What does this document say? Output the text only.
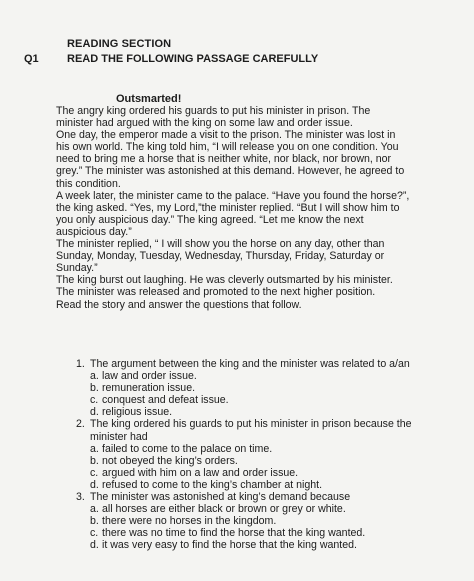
READING SECTION
Q1	READ THE FOLLOWING PASSAGE CAREFULLY
Outsmarted!
The angry king ordered his guards to put his minister in prison. The
minister had argued with the king on some law and order issue.
One day, the emperor made a visit to the prison. The minister was lost in
his own world. The king told him, “I will release you on one condition. You
need to bring me a horse that is neither white, nor black, nor brown, nor
grey.” The minister was astonished at this demand. However, he agreed to
this condition.
A week later, the minister came to the palace. “Have you found the horse?”,
the king asked. “Yes, my Lord,”the minister replied. “But I will show him to
you only auspicious day.” The king agreed. “Let me know the next
auspicious day.”
The minister replied, “ I will show you the horse on any day, other than
Sunday, Monday, Tuesday, Wednesday, Thursday, Friday, Saturday or
Sunday.”
The king burst out laughing. He was cleverly outsmarted by his minister.
The minister was released and promoted to the next higher position.
Read the story and answer the questions that follow.
1. The argument between the king and the minister was related to a/an
a. law and order issue.
b. remuneration issue.
c. conquest and defeat issue.
d. religious issue.
2. The king ordered his guards to put his minister in prison because the
minister had
a. failed to come to the palace on time.
b. not obeyed the king’s orders.
c. argued with him on a law and order issue.
d. refused to come to the king’s chamber at night.
3. The minister was astonished at king’s demand because
a. all horses are either black or brown or grey or white.
b. there were no horses in the kingdom.
c. there was no time to find the horse that the king wanted.
d. it was very easy to find the horse that the king wanted.
